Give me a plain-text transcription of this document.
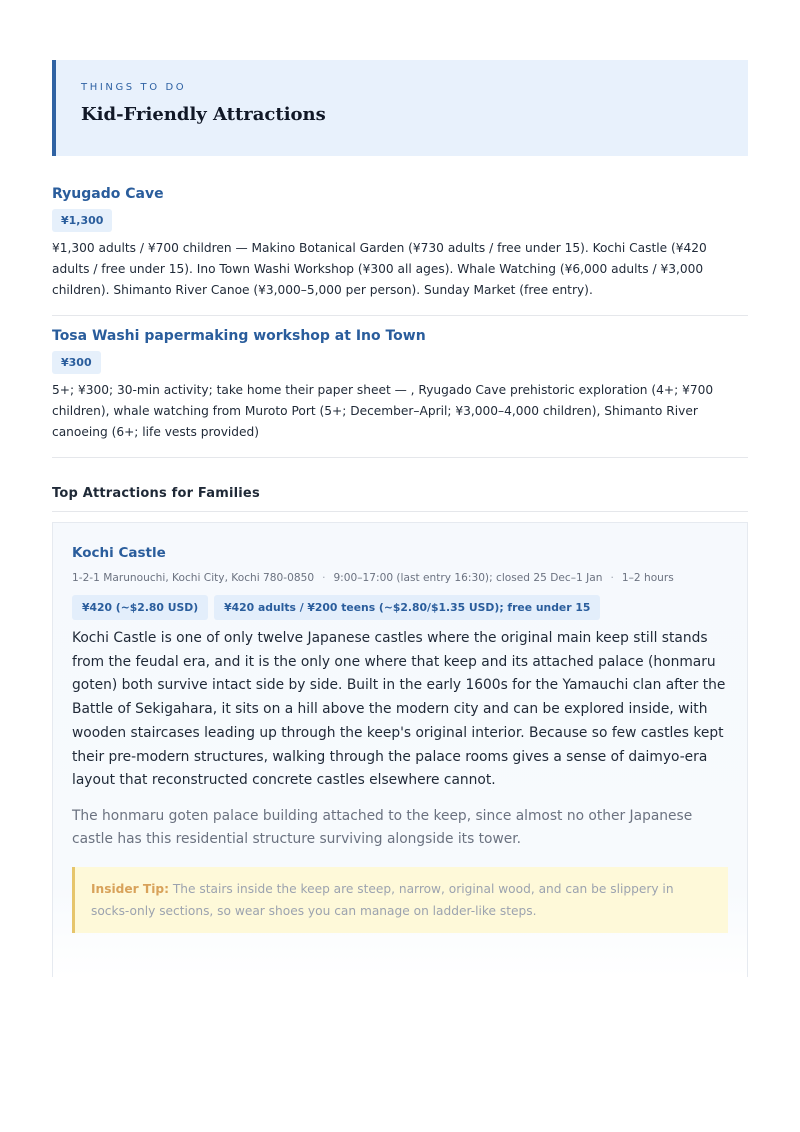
THINGS TO DO
Kid-Friendly Attractions
Ryugado Cave
¥1,300

¥1,300 adults / ¥700 children — Makino Botanical Garden (¥730 adults / free under 15). Kochi Castle (¥420 adults / free under 15). Ino Town Washi Workshop (¥300 all ages). Whale Watching (¥6,000 adults / ¥3,000 children). Shimanto River Canoe (¥3,000–5,000 per person). Sunday Market (free entry).

Tosa Washi papermaking workshop at Ino Town
¥300

5+; ¥300; 30-min activity; take home their paper sheet — , Ryugado Cave prehistoric exploration (4+; ¥700 children), whale watching from Muroto Port (5+; December–April; ¥3,000–4,000 children), Shimanto River canoeing (6+; life vests provided)

Top Attractions for Families
Kochi Castle
1-2-1 Marunouchi, Kochi City, Kochi 780-0850 · 9:00–17:00 (last entry 16:30); closed 25 Dec–1 Jan · 1–2 hours
¥420 (~$2.80 USD) ¥420 adults / ¥200 teens (~$2.80/$1.35 USD); free under 15

Kochi Castle is one of only twelve Japanese castles where the original main keep still stands from the feudal era, and it is the only one where that keep and its attached palace (honmaru goten) both survive intact side by side. Built in the early 1600s for the Yamauchi clan after the Battle of Sekigahara, it sits on a hill above the modern city and can be explored inside, with wooden staircases leading up through the keep's original interior. Because so few castles kept their pre-modern structures, walking through the palace rooms gives a sense of daimyo-era layout that reconstructed concrete castles elsewhere cannot.

The honmaru goten palace building attached to the keep, since almost no other Japanese castle has this residential structure surviving alongside its tower.

Insider Tip: The stairs inside the keep are steep, narrow, original wood, and can be slippery in socks-only sections, so wear shoes you can manage on ladder-like steps.
